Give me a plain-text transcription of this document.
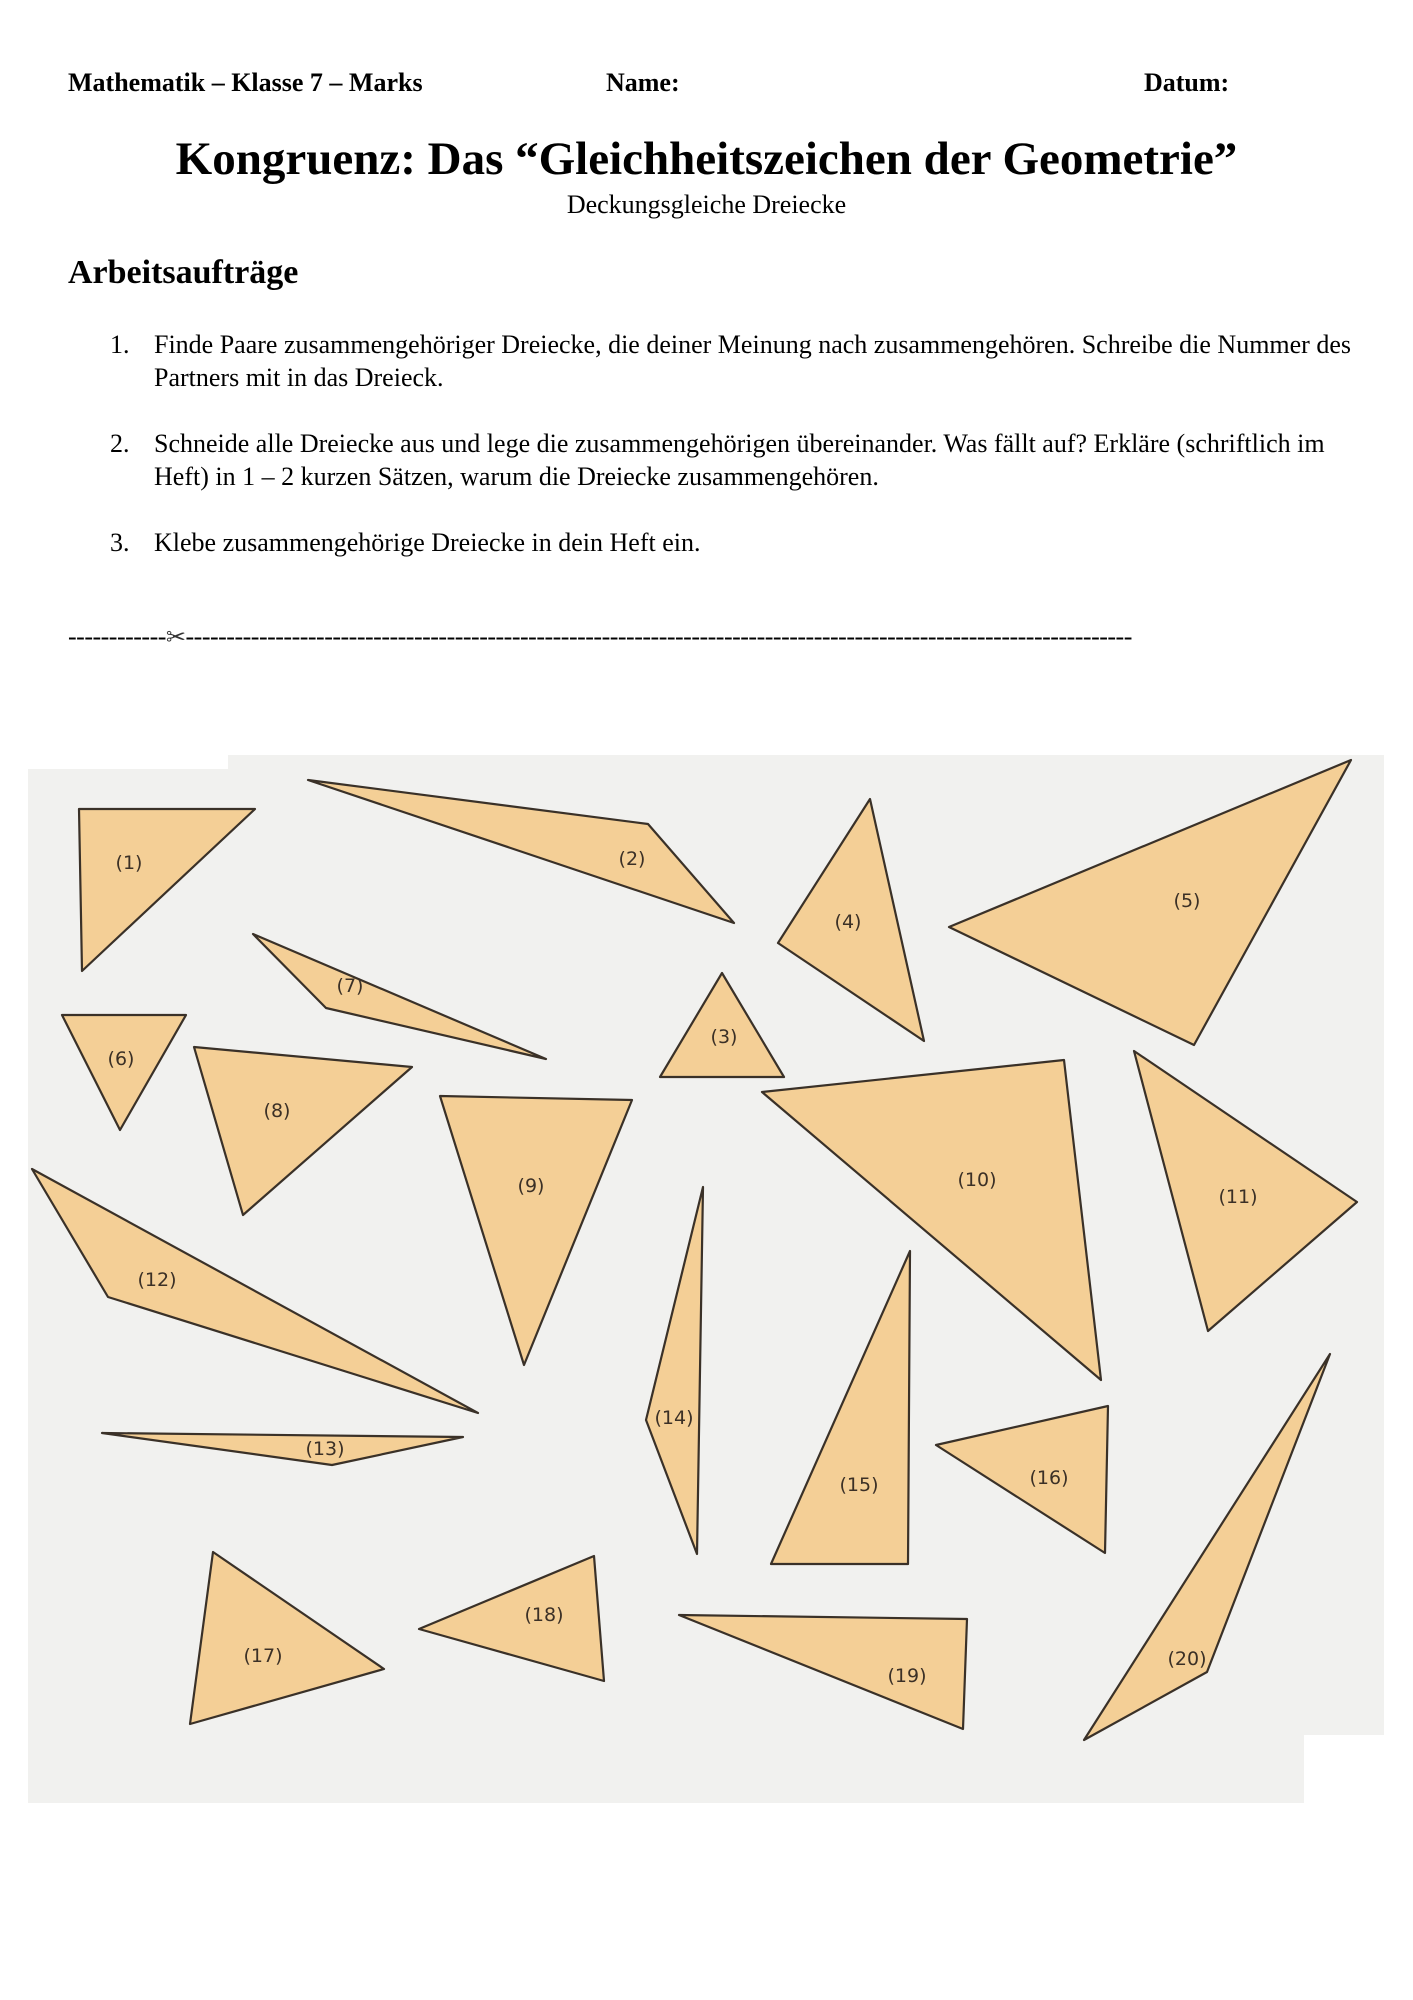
Mathematik – Klasse 7 – Marks	Name:	Datum:
Kongruenz: Das “Gleichheitszeichen der Geometrie”
Deckungsgleiche Dreiecke
Arbeitsaufträge
1. Finde Paare zusammengehöriger Dreiecke, die deiner Meinung nach zusammengehören. Schreibe die Nummer des Partners mit in das Dreieck.
2. Schneide alle Dreiecke aus und lege die zusammengehörigen übereinander. Was fällt auf? Erkläre (schriftlich im Heft) in 1 – 2 kurzen Sätzen, warum die Dreiecke zusammengehören.
3. Klebe zusammengehörige Dreiecke in dein Heft ein.
------------✂--------------------------------------------------------------------------------------------------------------------
(1)	(2)
(3)
(4)
(5)
(6)
(7)
(8)
(9)	(10)
(11)
(12)
(13)
(14)
(15)	(16)
(17)
(18)
(19)
(20)
